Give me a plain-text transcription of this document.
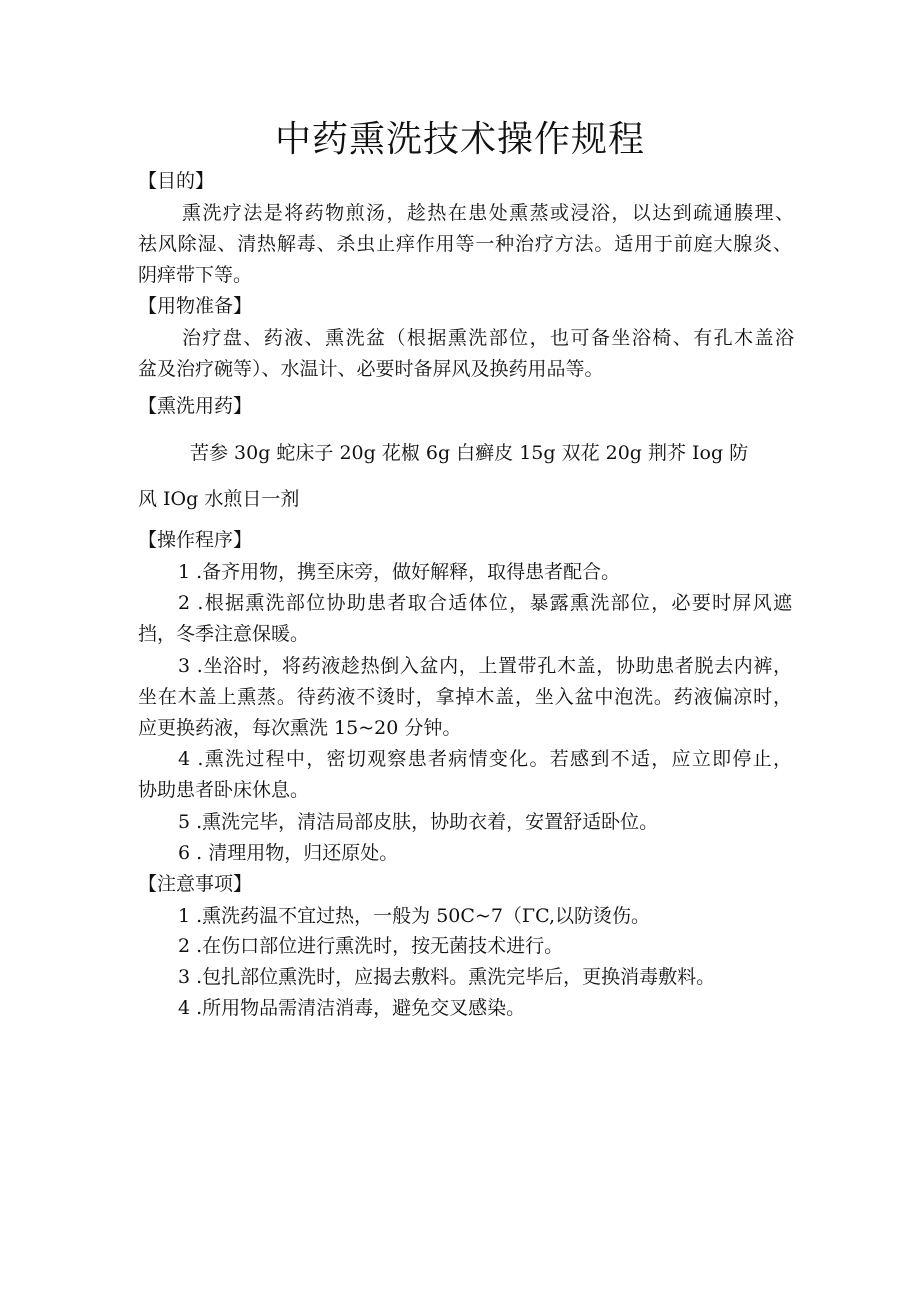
中药熏洗技术操作规程

【目的】

熏洗疗法是将药物煎汤，趁热在患处熏蒸或浸浴，以达到疏通腠理、

祛风除湿、清热解毒、杀虫止痒作用等一种治疗方法。适用于前庭大腺炎、

阴痒带下等。

【用物准备】

治疗盘、药液、熏洗盆（根据熏洗部位，也可备坐浴椅、有孔木盖浴

盆及治疗碗等）、水温计、必要时备屏风及换药用品等。

【熏洗用药】

苦参 30g 蛇床子 20g 花椒 6g 白癣皮 15g 双花 20g 荆芥 Iog 防

风 IOg 水煎日一剂

【操作程序】

1 .备齐用物，携至床旁，做好解释，取得患者配合。

2 .根据熏洗部位协助患者取合适体位，暴露熏洗部位，必要时屏风遮

挡，冬季注意保暖。

3 .坐浴时，将药液趁热倒入盆内，上置带孔木盖，协助患者脱去内裤，

坐在木盖上熏蒸。待药液不烫时，拿掉木盖，坐入盆中泡洗。药液偏凉时，

应更换药液，每次熏洗 15~20 分钟。

4 .熏洗过程中，密切观察患者病情变化。若感到不适，应立即停止，

协助患者卧床休息。

5 .熏洗完毕，清洁局部皮肤，协助衣着，安置舒适卧位。

6 . 清理用物，归还原处。

【注意事项】

1 .熏洗药温不宜过热，一般为 50C~7（ΓC,以防烫伤。

2 .在伤口部位进行熏洗时，按无菌技术进行。

3 .包扎部位熏洗时，应揭去敷料。熏洗完毕后，更换消毒敷料。

4 .所用物品需清洁消毒，避免交叉感染。
